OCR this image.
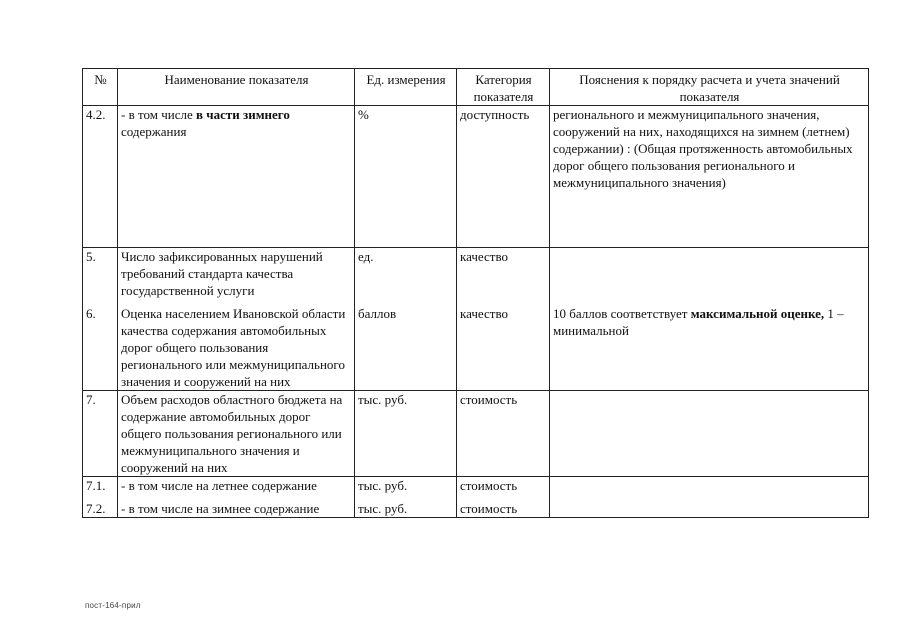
№	Наименование показателя	Ед. измерения	Категория показателя	Пояснения к порядку расчета и учета значений показателя
4.2.	- в том числе в части зимнего содержания	%	доступность	регионального и межмуниципального значения, сооружений на них, находящихся на зимнем (летнем) содержании) : (Общая протяженность автомобильных дорог общего пользования регионального и межмуниципального значения)
5.	Число зафиксированных нарушений требований стандарта качества государственной услуги	ед.	качество	
6.	Оценка населением Ивановской области качества содержания автомобильных дорог общего пользования регионального или межмуниципального значения и сооружений на них	баллов	качество	10 баллов соответствует максимальной оценке, 1 – минимальной
7.	Объем расходов областного бюджета на содержание автомобильных дорог общего пользования регионального или межмуниципального значения и сооружений на них	тыс. руб.	стоимость	
7.1.	- в том числе на летнее содержание	тыс. руб.	стоимость	
7.2.	- в том числе на зимнее содержание	тыс. руб.	стоимость	
пост-164-прил
